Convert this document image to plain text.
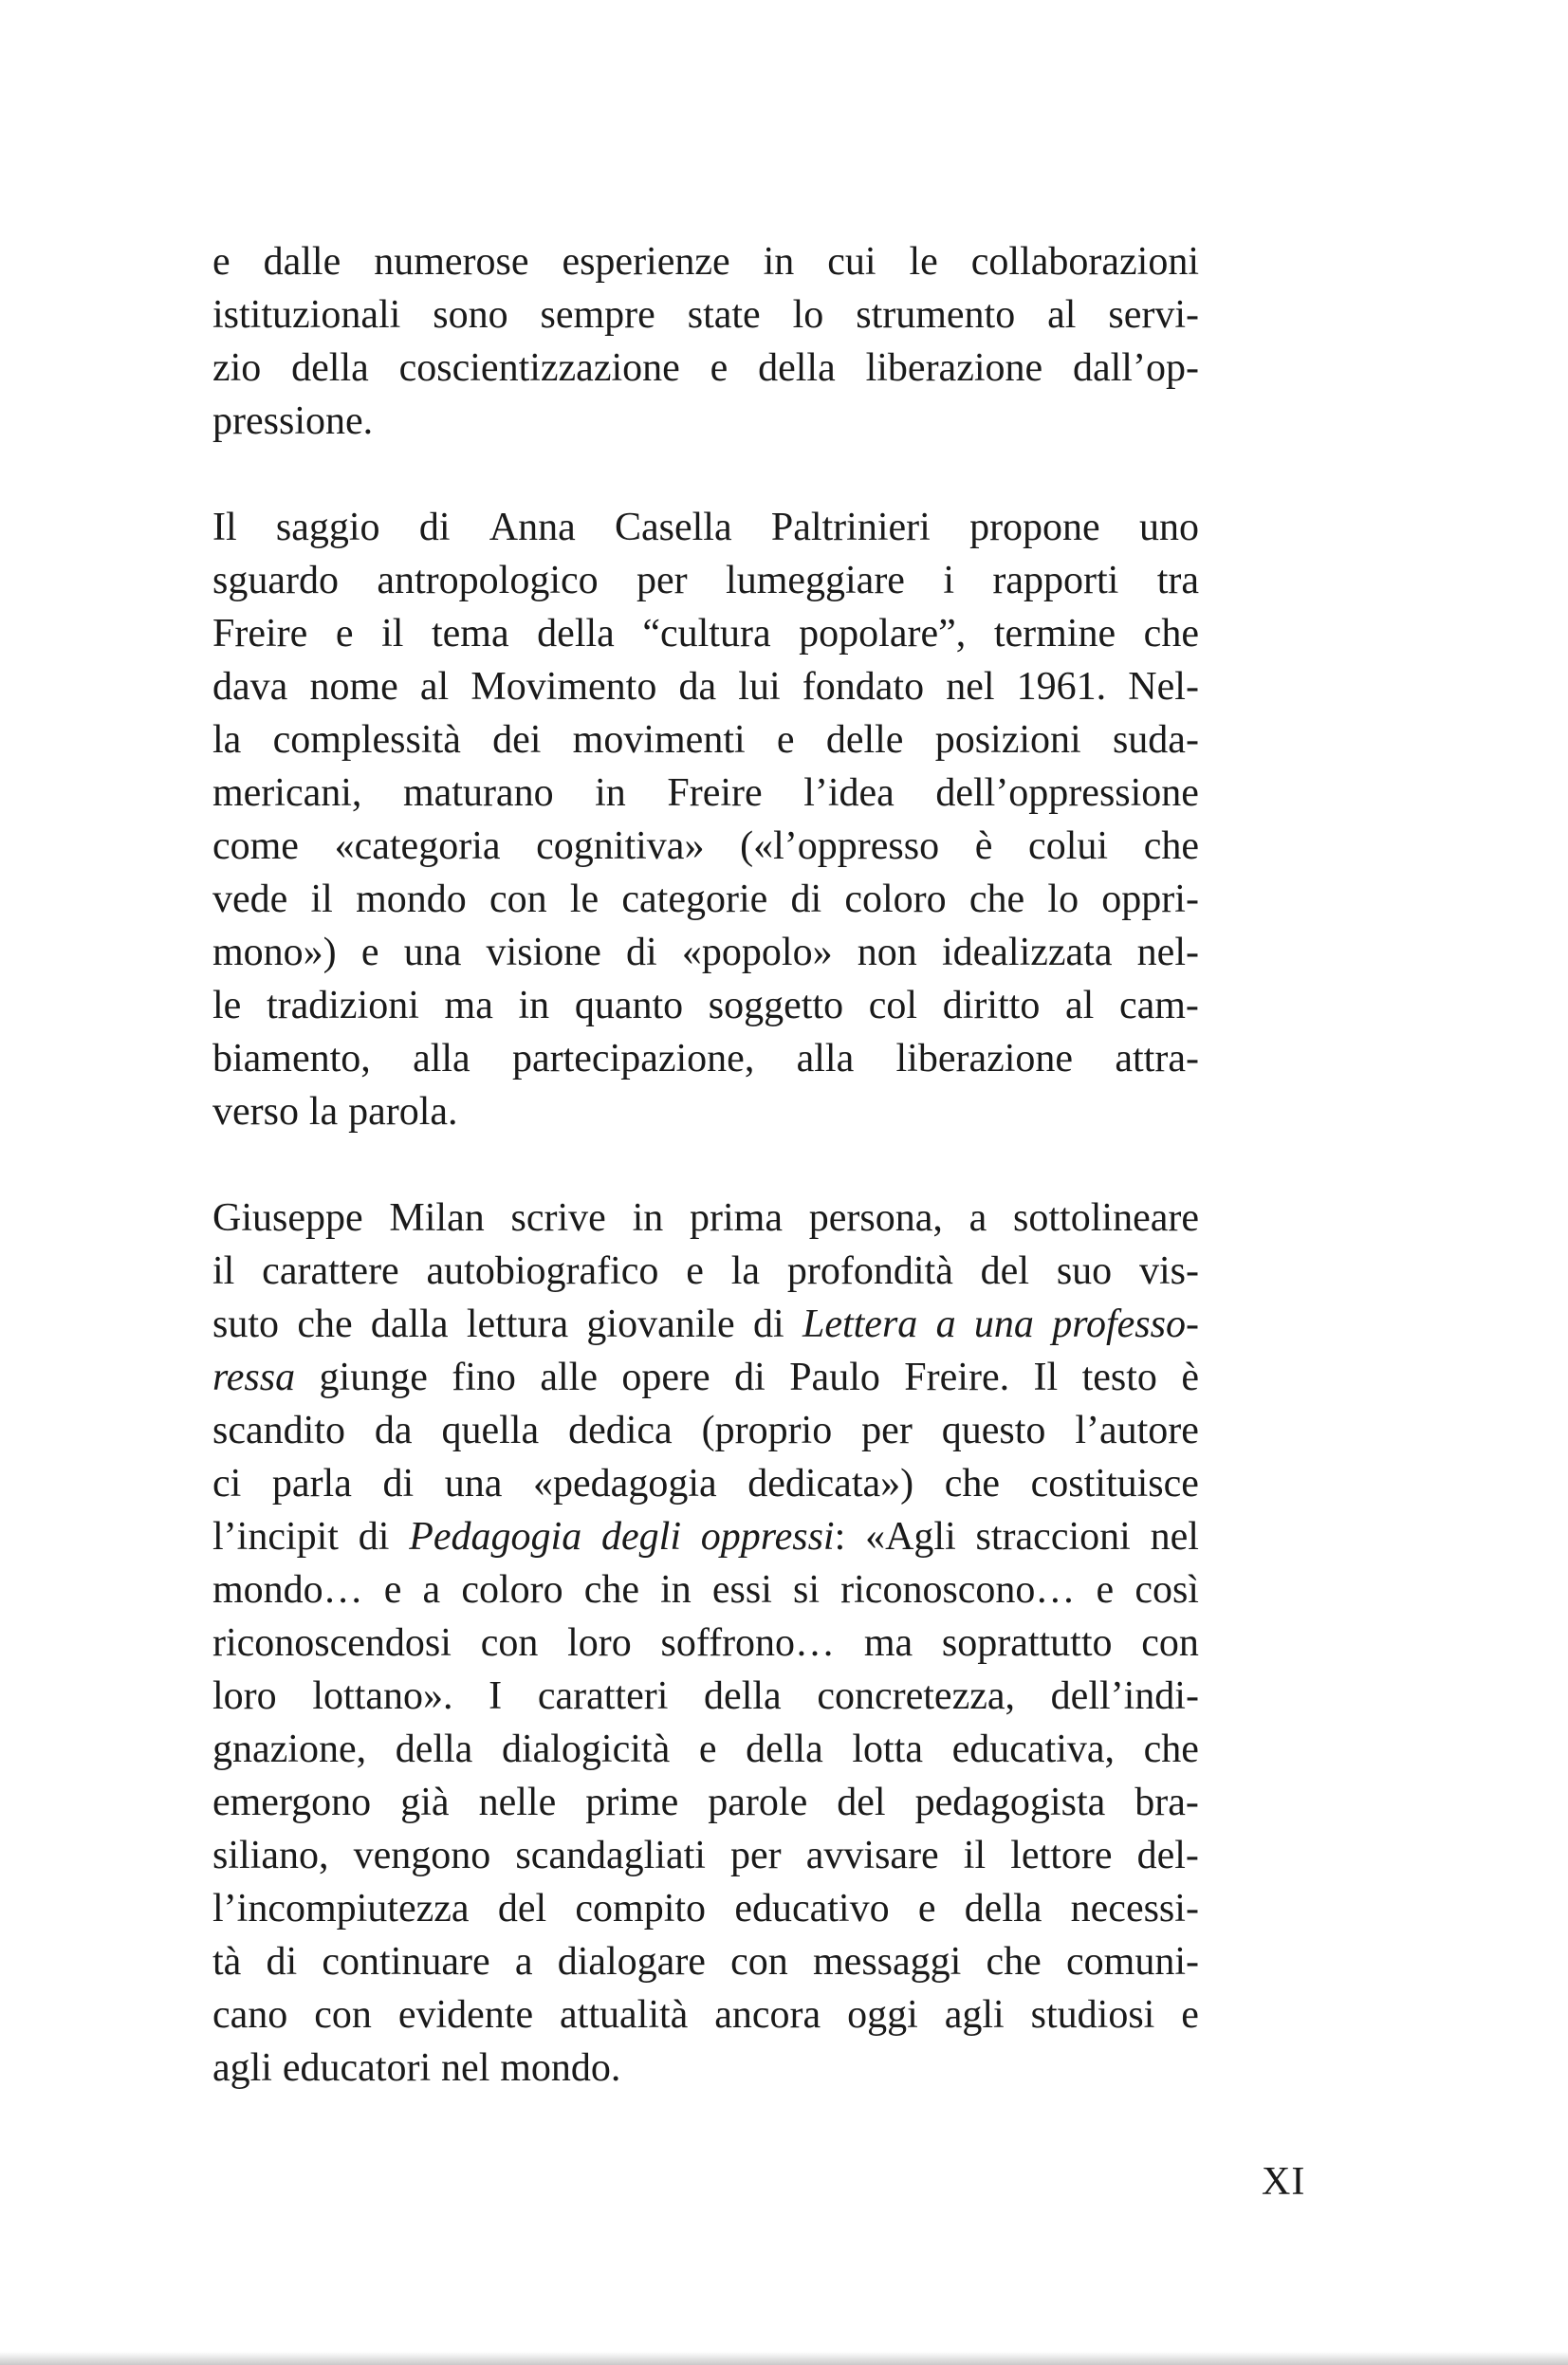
e dalle numerose esperienze in cui le collaborazioni
istituzionali sono sempre state lo strumento al servi-
zio della coscientizzazione e della liberazione dall’op-
pressione.
Il saggio di Anna Casella Paltrinieri propone uno
sguardo antropologico per lumeggiare i rapporti tra
Freire e il tema della “cultura popolare”, termine che
dava nome al Movimento da lui fondato nel 1961. Nel-
la complessità dei movimenti e delle posizioni suda-
mericani, maturano in Freire l’idea dell’oppressione
come «categoria cognitiva» («l’oppresso è colui che
vede il mondo con le categorie di coloro che lo oppri-
mono») e una visione di «popolo» non idealizzata nel-
le tradizioni ma in quanto soggetto col diritto al cam-
biamento, alla partecipazione, alla liberazione attra-
verso la parola.
Giuseppe Milan scrive in prima persona, a sottolineare
il carattere autobiografico e la profondità del suo vis-
suto che dalla lettura giovanile di Lettera a una professo-
ressa giunge fino alle opere di Paulo Freire. Il testo è
scandito da quella dedica (proprio per questo l’autore
ci parla di una «pedagogia dedicata») che costituisce
l’incipit di Pedagogia degli oppressi: «Agli straccioni nel
mondo… e a coloro che in essi si riconoscono… e così
riconoscendosi con loro soffrono… ma soprattutto con
loro lottano». I caratteri della concretezza, dell’indi-
gnazione, della dialogicità e della lotta educativa, che
emergono già nelle prime parole del pedagogista bra-
siliano, vengono scandagliati per avvisare il lettore del-
l’incompiutezza del compito educativo e della necessi-
tà di continuare a dialogare con messaggi che comuni-
cano con evidente attualità ancora oggi agli studiosi e
agli educatori nel mondo.
XI
